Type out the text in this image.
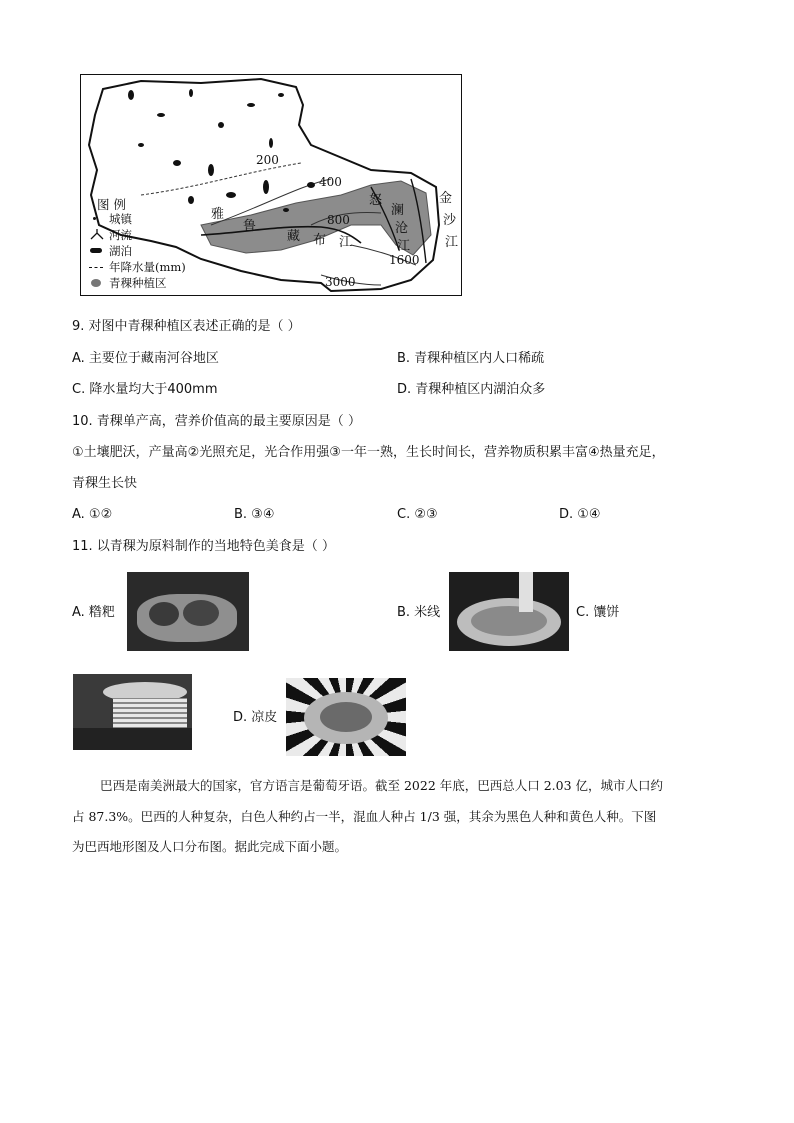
200
400
800
1600
3000
雅
鲁
藏 布 江
怒
澜
沧
江
金
沙
江
图 例
城镇
河流
湖泊
年降水量(mm)
青稞种植区
9. 对图中青稞种植区表述正确的是（ ）
A. 主要位于藏南河谷地区	B. 青稞种植区内人口稀疏
C. 降水量均大于400mm	D. 青稞种植区内湖泊众多
10. 青稞单产高，营养价值高的最主要原因是（ ）
①土壤肥沃，产量高②光照充足，光合作用强③一年一熟，生长时间长，营养物质积累丰富④热量充足，
青稞生长快
A. ①②	B. ③④	C. ②③	D. ①④
11. 以青稞为原料制作的当地特色美食是（ ）
A. 糌粑	B. 米线	C. 馕饼
D. 凉皮
巴西是南美洲最大的国家，官方语言是葡萄牙语。截至 2022 年底，巴西总人口 2.03 亿，城市人口约
占 87.3%。巴西的人种复杂，白色人种约占一半，混血人种占 1/3 强，其余为黑色人种和黄色人种。下图
为巴西地形图及人口分布图。据此完成下面小题。
